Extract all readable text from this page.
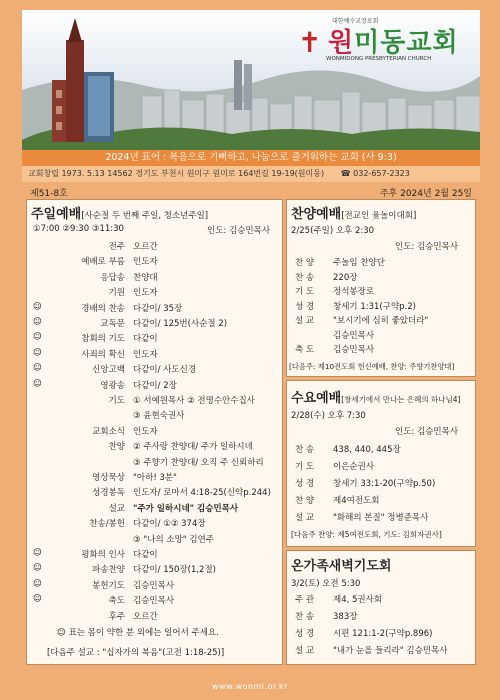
✝
대한예수교장로회
원미동교회
WONMIDONG PRESBYTERIAN CHURCH
2024년 표어 : 복음으로 기뻐하고, 나눔으로 즐거워하는 교회 (사 9:3)
교회창립 1973. 5.13 14562 경기도 부천시 원미구 원미로 164번길 19-19(원미동) ☎ 032-657-2323
제51-8호	주후 2024년 2월 25일
주일예배[사순절 두 번째 주일, 청소년주일]
①7:00 ②9:30 ③11:30	인도: 김승민목사
전주 오르간
예배로 부름 인도자
응답송 찬양대
기원 인도자
☺	경배의 찬송 다같이/ 35장
☺	교독문 다같이/ 125번(사순절 2)
☺	참회의 기도 다같이
☺	사죄의 확신 인도자
☺	신앙고백 다같이/ 사도신경
☺	영광송 다같이/ 2장
기도 ① 서예원목사 ② 전명수안수집사
③ 윤현숙권사
교회소식 인도자
찬양 ② 주사랑 찬양대/ 주가 일하시네
③ 주향기 찬양대/ 오직 주 신뢰하리
영상묵상 "아하! 3분"
성경봉독 인도자/ 로마서 4:18-25(신약p.244)
설교 "주가 일하시네" 김승민목사
찬송/봉헌 다같이/ ①② 374장
③ "나의 소망" 김연주
☺	평화의 인사 다같이
☺	파송찬양 다같이/ 150장(1,2절)
☺	봉헌기도 김승민목사
☺	축도 김승민목사
후주 오르간
☺ 표는 몸이 약한 분 외에는 일어서 주세요.
[다음주 설교 : "십자가의 복음"(고전 1:18-25)]
찬양예배[전교인 윷놀이대회]
2/25(주일) 오후 2:30
인도: 김승민목사
찬 양 주놀임 찬양단
찬 송 220장
기 도 정석봉장로
성 경 창세기 1:31(구약p.2)
설 교 "보시기에 심히 좋았더라"
김승민목사
축 도 김승민목사
[다음주: 제10전도회 헌신예배, 찬양: 주향기찬양대]
수요예배[창세기에서 만나는 은혜의 하나님4]
2/28(수) 오후 7:30
인도: 김승민목사
찬 송 438, 440, 445장
기 도 이은순권사
성 경 창세기 33:1-20(구약p.50)
찬 양 제4여전도회
설 교 "화해의 본질" 정병준목사
[다음주 찬양: 제5여전도회, 기도: 김희자권사]
온가족새벽기도회
3/2(토) 오전 5:30
주 관 제4, 5권사회
찬 송 383장
성 경 시편 121:1-2(구약p.896)
설 교 "내가 눈을 들리라" 김승민목사
www.wonmi.or.kr
